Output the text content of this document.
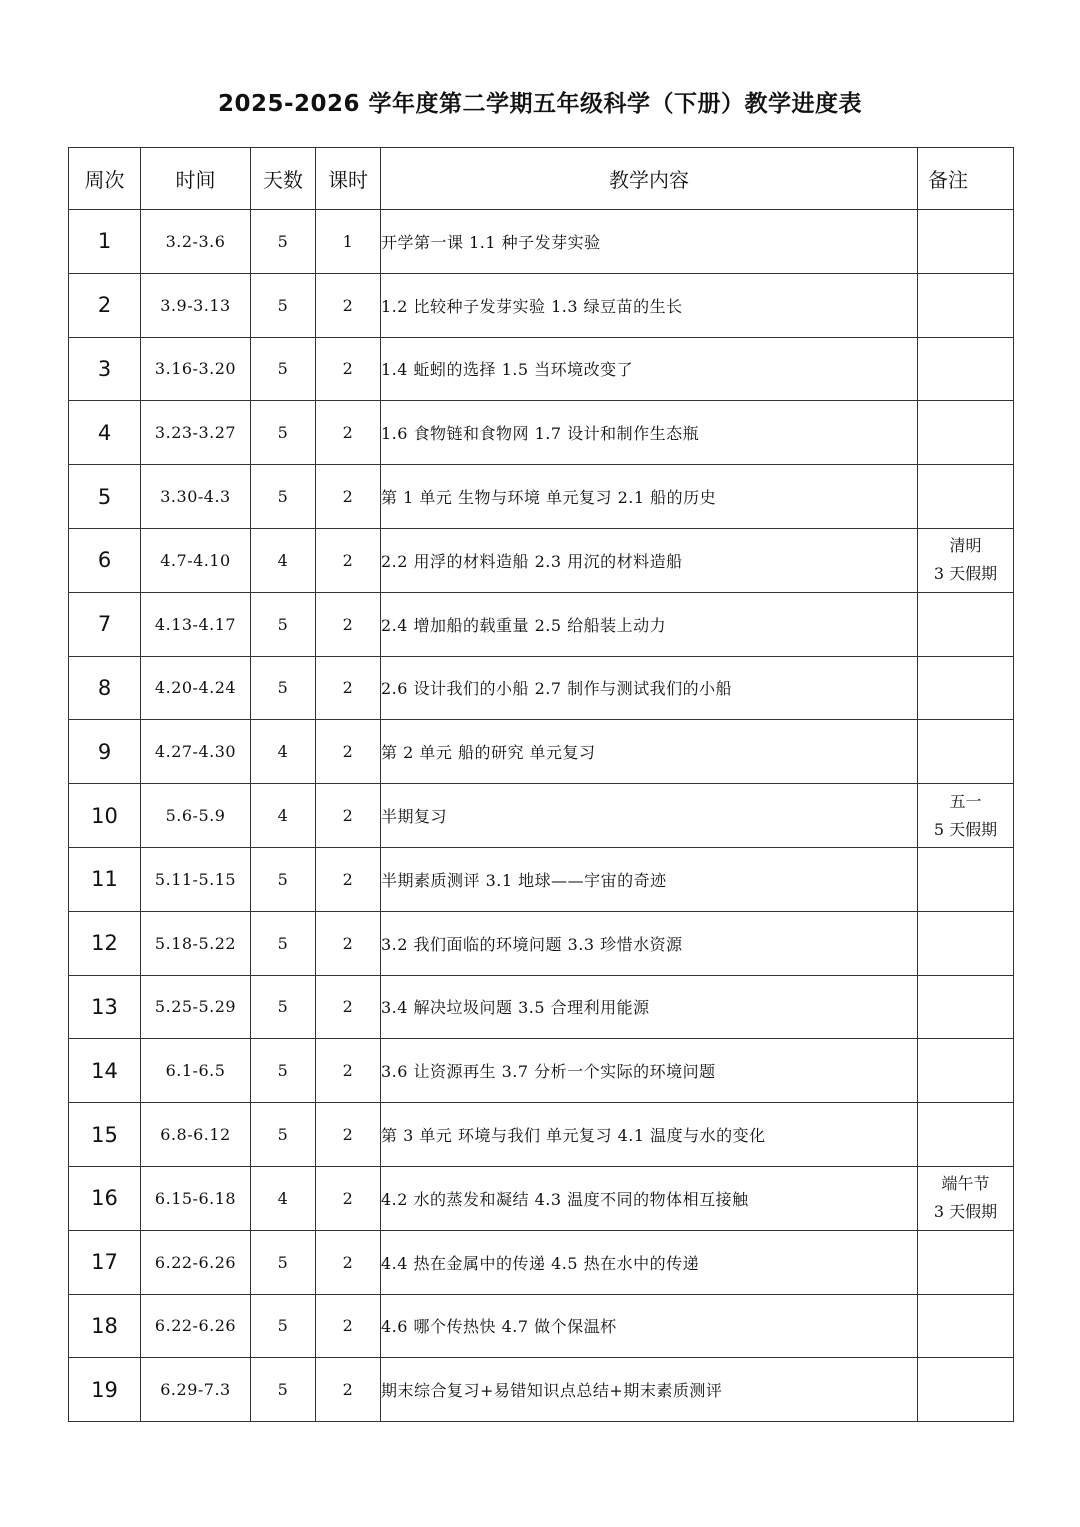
2025-2026 学年度第二学期五年级科学（下册）教学进度表
周次	时间	天数	课时	教学内容	备注
1	3.2-3.6	5	1	开学第一课 1.1 种子发芽实验	

2	3.9-3.13	5	2	1.2 比较种子发芽实验 1.3 绿豆苗的生长	

3	3.16-3.20	5	2	1.4 蚯蚓的选择 1.5 当环境改变了	

4	3.23-3.27	5	2	1.6 食物链和食物网 1.7 设计和制作生态瓶	

5	3.30-4.3	5	2	第 1 单元 生物与环境 单元复习 2.1 船的历史	

6	4.7-4.10	4	2	2.2 用浮的材料造船 2.3 用沉的材料造船	清明
3 天假期

7	4.13-4.17	5	2	2.4 增加船的载重量 2.5 给船装上动力	

8	4.20-4.24	5	2	2.6 设计我们的小船 2.7 制作与测试我们的小船	

9	4.27-4.30	4	2	第 2 单元 船的研究 单元复习	

10	5.6-5.9	4	2	半期复习	五一
5 天假期

11	5.11-5.15	5	2	半期素质测评 3.1 地球——宇宙的奇迹	

12	5.18-5.22	5	2	3.2 我们面临的环境问题 3.3 珍惜水资源	

13	5.25-5.29	5	2	3.4 解决垃圾问题 3.5 合理利用能源	

14	6.1-6.5	5	2	3.6 让资源再生 3.7 分析一个实际的环境问题	

15	6.8-6.12	5	2	第 3 单元 环境与我们 单元复习 4.1 温度与水的变化	

16	6.15-6.18	4	2	4.2 水的蒸发和凝结 4.3 温度不同的物体相互接触	端午节
3 天假期

17	6.22-6.26	5	2	4.4 热在金属中的传递 4.5 热在水中的传递	

18	6.22-6.26	5	2	4.6 哪个传热快 4.7 做个保温杯	

19	6.29-7.3	5	2	期末综合复习+易错知识点总结+期末素质测评	
